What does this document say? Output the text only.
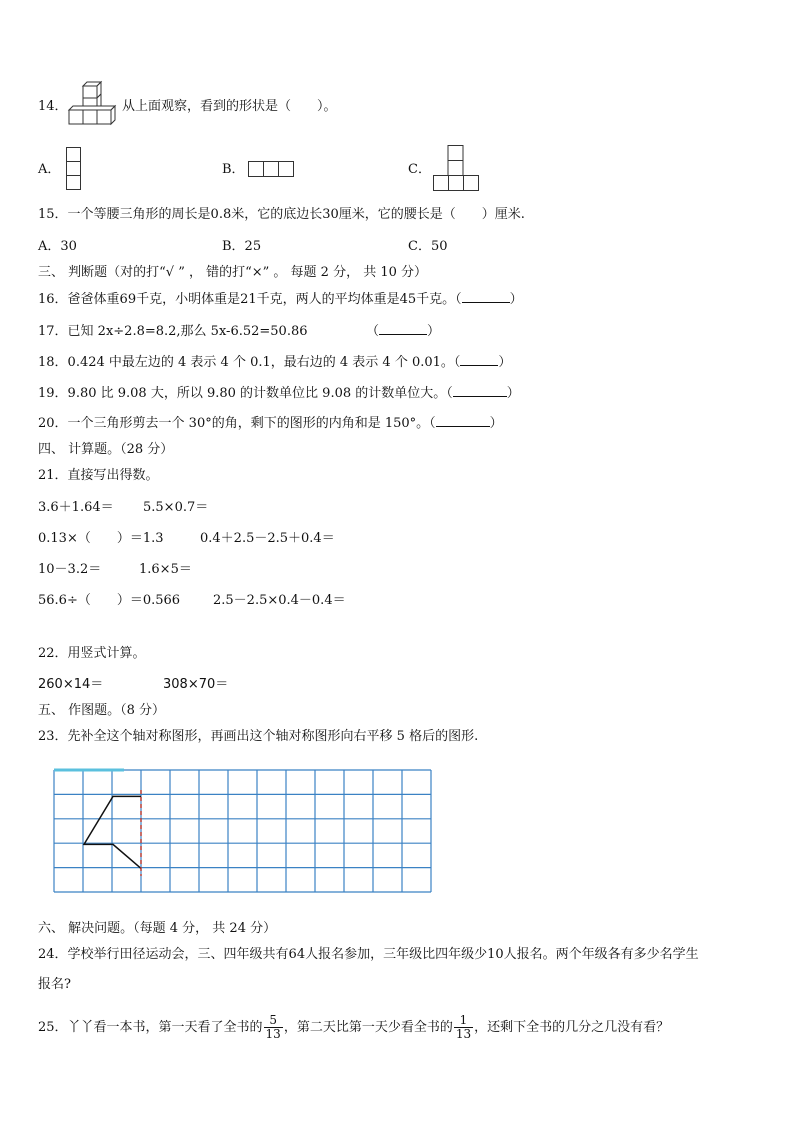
14．	从上面观察，看到的形状是（　　）。
A．	B．	C．
15．一个等腰三角形的周长是0.8米，它的底边长30厘米，它的腰长是（　　）厘米.
A．30	B．25	C．50
三、 判断题（对的打“√ ” ， 错的打“×” 。 每题 2 分， 共 10 分）
16．爸爸体重69千克，小明体重是21千克，两人的平均体重是45千克。（	）
17．已知 2x÷2.8=8.2,那么 5x-6.52=50.86　　　　　（	）
18．0.424 中最左边的 4 表示 4 个 0.1，最右边的 4 表示 4 个 0.01。（	）
19．9.80 比 9.08 大，所以 9.80 的计数单位比 9.08 的计数单位大。（	）
20．一个三角形剪去一个 30°的角，剩下的图形的内角和是 150°。（	）
四、 计算题。（28 分）
21．直接写出得数。
3.6＋1.64＝ 5.5×0.7＝
0.13×（　　）＝1.3	0.4＋2.5－2.5＋0.4＝
10－3.2＝	1.6×5＝
56.6÷（　　）＝0.566	2.5－2.5×0.4－0.4＝
22．用竖式计算。
260×14＝	308×70＝
五、 作图题。（8 分）
23．先补全这个轴对称图形，再画出这个轴对称图形向右平移 5 格后的图形.
六、 解决问题。（每题 4 分， 共 24 分）
24．学校举行田径运动会，三、四年级共有64人报名参加，三年级比四年级少10人报名。两个年级各有多少名学生
报名?
25．丫丫看一本书，第一天看了全书的 $\frac{5}{13}$ ，第二天比第一天少看全书的 $\frac{1}{13}$ ，还剩下全书的几分之几没有看？
